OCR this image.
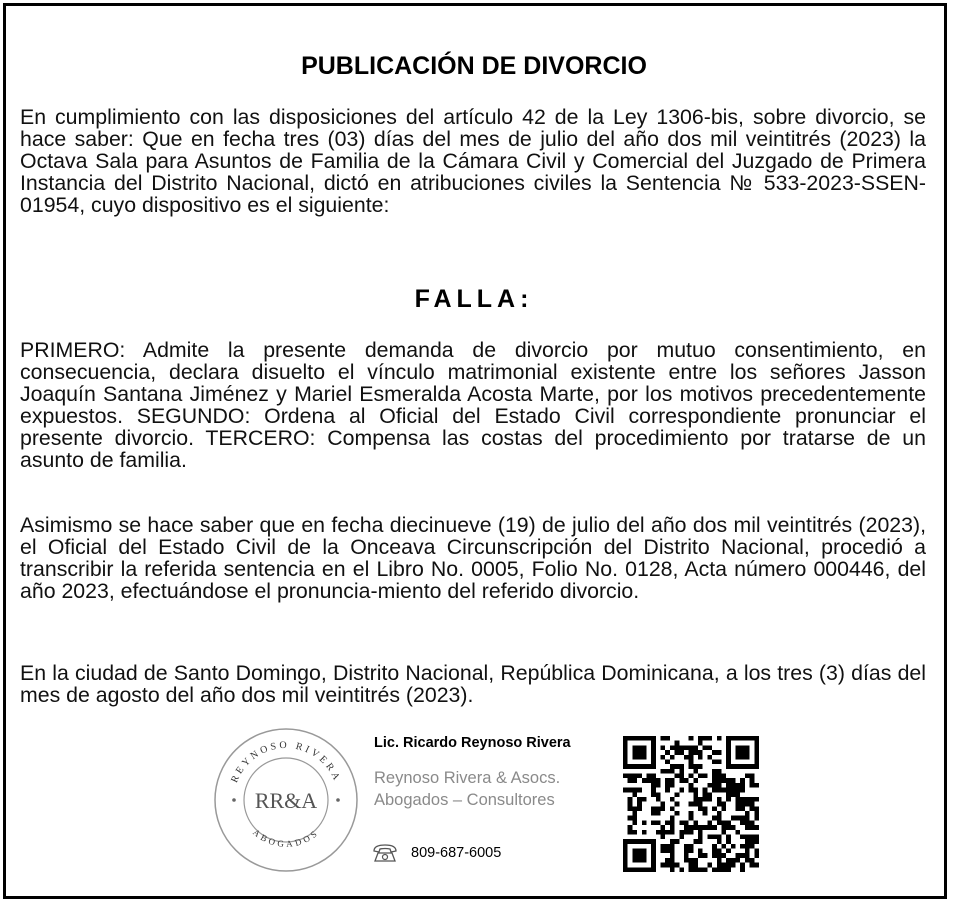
PUBLICACIÓN DE DIVORCIO

En cumplimiento con las disposiciones del artículo 42 de la Ley 1306-bis, sobre divorcio, se hace saber: Que en fecha tres (03) días del mes de julio del año dos mil veintitrés (2023) la Octava Sala para Asuntos de Familia de la Cámara Civil y Comercial del Juzgado de Primera Instancia del Distrito Nacional, dictó en atribuciones civiles la Sentencia № 533-2023-SSEN-01954, cuyo dispositivo es el siguiente:

FALLA:

PRIMERO: Admite la presente demanda de divorcio por mutuo consentimiento, en consecuencia, declara disuelto el vínculo matrimonial existente entre los señores Jasson Joaquín Santana Jiménez y Mariel Esmeralda Acosta Marte, por los motivos precedentemente expuestos. SEGUNDO: Ordena al Oficial del Estado Civil correspondiente pronunciar el presente divorcio. TERCERO: Compensa las costas del procedimiento por tratarse de un asunto de familia.

Asimismo se hace saber que en fecha diecinueve (19) de julio del año dos mil veintitrés (2023), el Oficial del Estado Civil de la Onceava Circunscripción del Distrito Nacional, procedió a transcribir la referida sentencia en el Libro No. 0005, Folio No. 0128, Acta número 000446, del año 2023, efectuándose el pronuncia-miento del referido divorcio.

En la ciudad de Santo Domingo, Distrito Nacional, República Dominicana, a los tres (3) días del mes de agosto del año dos mil veintitrés (2023).

REYNOSO RIVERA
ABOGADOS
RR&A

Lic. Ricardo Reynoso Rivera

Reynoso Rivera & Asocs.

Abogados – Consultores

809-687-6005
